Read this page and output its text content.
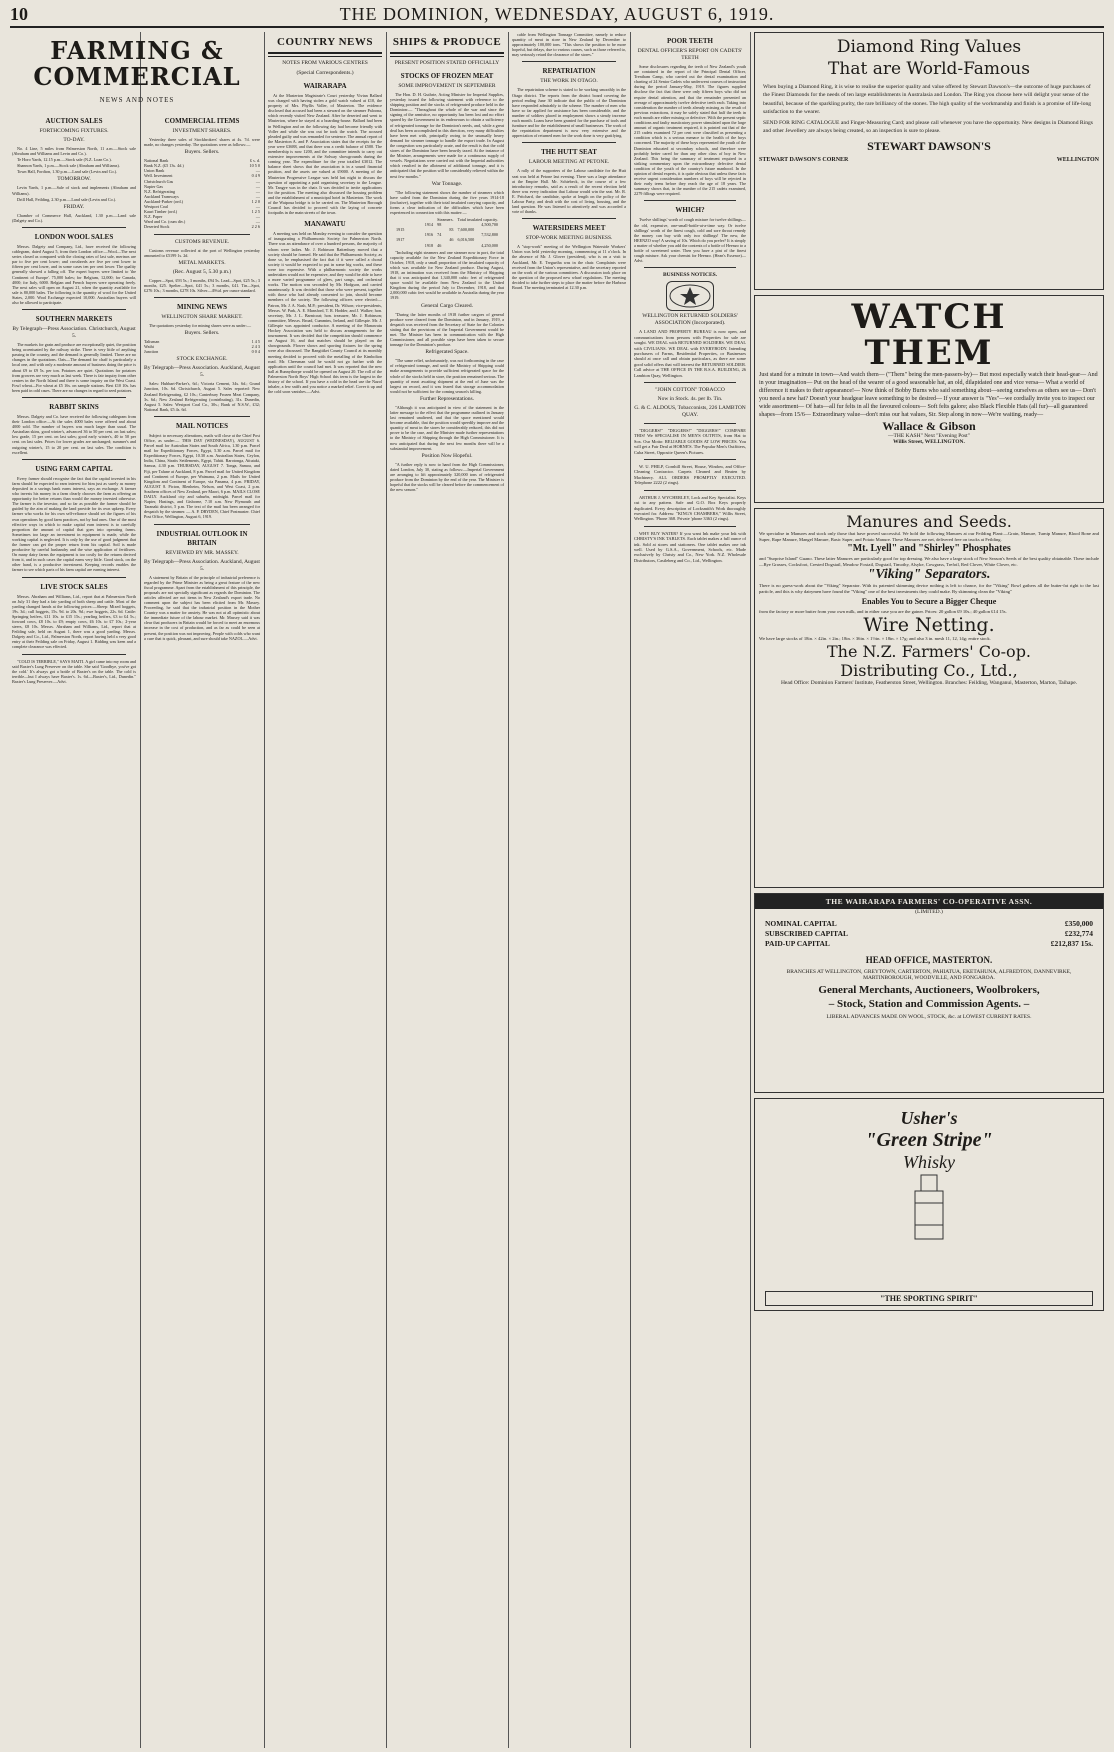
10	THE DOMINION, WEDNESDAY, AUGUST 6, 1919.
FARMING & COMMERCIAL
NEWS AND NOTES
AUCTION SALES
FORTHCOMING FIXTURES.
TO-DAY.

No. 4 Line, 5 miles from Palmerston North, 11 a.m.—Stock sale (Abraham and Williams and Levin and Co.).

Te Horo Yards, 12.15 p.m.—Stock sale (N.Z. Loan Co.).

Shannon Yards, 1 p.m.—Stock sale (Abraham and Williams).

Town Hall, Fordton, 1.30 p.m.—Land sale (Levin and Co.).

TOMORROW.

Levin Yards, 1 p.m.—Sale of stock and implements (Abraham and Williams).

Drill Hall, Feilding, 2.30 p.m.—Land sale (Levin and Co.).

FRIDAY.

Chamber of Commerce Hall, Auckland, 1.30 p.m.—Land sale (Dalgety and Co.).

LONDON WOOL SALES

Messrs. Dalgety and Company, Ltd., have received the following cablegram, dated August 5, from their London office:—Wool—The next series closed as compared with the closing rates of last sale, merinos are par to five per cent lower; and crossbreds are five per cent lower to fifteen per cent lower, and in some cases ten per cent lower. The quality generally showed a falling off. The expert buyers were limited to 'the Continent of Europe'. 75,000 bales; for Belgium, 12,000; for Canada, 4000; for Italy, 6000. Belgian and French buyers were operating freely. The next sales will open on August 21, when the quantity available for sale is 80,000 bales. The following is the quantity of wool for the United States, 2,000. Wool Exchange expected 10,000. Australian buyers will also be allowed to participate.

SOUTHERN MARKETS
By Telegraph—Press Association. Christchurch, August 5.

The markets for grain and produce are exceptionally quiet, the position being accentuated by the railway strike. There is very little of anything passing in the country, and the demand is generally limited. There are no changes in the quotations. Oats—The demand for chaff is particularly a local one, and with only a moderate amount of business doing the price is about £9 to £9 5s. per ton. Potatoes are quiet. Quotations for potatoes from growers are very much as last week. There is fair inquiry from other centres in the North Island and there is some inquiry on the West Coast. Fowl wheat—For wheat at £5 16s. on sample stations. Best £10 10s. has been paid in odd cases. There are no changes in regard to seed potatoes.

RABBIT SKINS

Messrs. Dalgety and Co. have received the following cablegram from their London office:—At the sales 4000 bales were offered and about 4000 sold. The number of buyers was much larger than usual. The Australian skins, good winter's, advanced 36 to 50 per cent. on last sales; low grade, 15 per cent. on last sales; good early winter's, 40 to 50 per cent. on last sales. Prices for lower grades are unchanged; summer's and outgoing winter's, 15 to 20 per cent. on last sales. The condition is excellent.

USING FARM CAPITAL

Every farmer should recognise the fact that the capital invested in his farm should be expected to earn interest for him just as surely as money deposited in a savings bank earns interest, says an exchange. A farmer who invests his money in a farm clearly chooses the farm as offering an opportunity for better returns than would the money invested otherwise. The farmer is the investor, and so far as possible the farmer should be guided by the aim of making the land provide for its own upkeep. Every farmer who works for his own self-reliance should set the figures of his own operations by good farm practices, not by bad ones. One of the most effective ways in which to make capital earn interest is to carefully proportion the amount of capital that goes into operating farms. Sometimes too large an investment in equipment is made, while the working capital is neglected. It is only by the use of good judgment that the farmer can get the proper return from his capital. Soil is made productive by careful husbandry and the wise application of fertilisers. On many dairy farms the equipment is too costly for the returns derived from it, and in such cases the capital earns very little. Good stock, on the other hand, is a productive investment. Keeping records enables the farmer to see which parts of his farm capital are earning interest.

LIVE STOCK SALES

Messrs. Abraham and Williams, Ltd., report that at Palmerston North on July 31 they had a fair yarding of both sheep and cattle. Most of the yarding changed hands at the following prices:—Sheep: Mixed hoggets, 19s. 3d.; cull hoggets, 15s. 9d. to 20s. 9d.; ewe hoggets, 22s. 6d. Cattle: Springing heifers, £11 10s. to £15 15s.; yearling heifers, £3 to £4 5s.; forward cows, £8 10s. to £9; empty cows, £6 10s. to £7 10s.; 2-year steers, £8 10s. Messrs. Abraham and Williams, Ltd., report that at Feilding sale, held on August 1, there was a good yarding. Messrs. Dalgety and Co., Ltd., Palmerston North, report having held a very good entry at their Feilding sale on Friday, August 1. Bidding was keen and a complete clearance was effected.

"COLD IS TERRIBLE," SAYS MAITI. A girl came into my room and said Baxter's Lung Preserver on the table. She said 'Goodbye, you've got the cold.' It's always got a bottle of Baxter's on the table. The cold is terrible—but I always have Baxter's. 1s. 6d.—Baxter's, Ltd., Dunedin." Baxter's Lung Preserver.—Advt.

COMMERCIAL ITEMS
INVESTMENT SHARES.

Yesterday three sales of Stockbrokers' shares at 4s. 7d. were made, no changes yesterday. The quotations were as follows:—

Buyers. Sellers.
National Bank	£ s. d.
Bank N.Z. (£5 13s. 4d.)	10 5 0
Union Bank	—
Well. Investment	0 4 9
Christchurch Gas	—
Napier Gas	—
N.Z. Refrigerating	—
Auckland Tramways	—
Auckland-Parker (ord.)	1 2 0
Westport Coal	—
Kauri Timber (ord.)	1 2 5
N.Z. Paper	—
Ward and Co. (cum div.)	—
Deserted Stock	2 2 6
CUSTOMS REVENUE.

Customs revenue collected at the port of Wellington yesterday amounted to £5199 1s. 2d.

METAL MARKETS.
(Rec. August 5, 5.30 p.m.)

Copper—Spot, £93 5s.; 3 months, £94 5s. Lead—Spot, £25 5s.; 3 months, £25. Spelter—Spot, £41 5s.; 3 months, £41. Tin—Spot, £276 10s.; 3 months, £278 10s. Silver—49¼d. per ounce standard.

MINING NEWS
WELLINGTON SHARE MARKET.

The quotations yesterday for mining shares were as under:—

Buyers. Sellers.
Talisman	1 4 5
Waihi	2 4 3
Junction	0 0 4
STOCK EXCHANGE.
By Telegraph—Press Association. Auckland, August 5.

Sales: Hubbart-Parker's, 6d.; Victoria Cement, 34s. 6d.; Grand Junction, 10s. 6d. Christchurch, August 5. Sales reported: New Zealand Refrigerating, £2 10s.; Canterbury Frozen Meat Company, 3s. 6d.; New Zealand Refrigerating (contributing), 31s. Dunedin, August 5. Sales: Westport Coal Co., 30s.; Bank of N.S.W., £32; National Bank, £5 4s. 6d.

MAIL NOTICES

Subject to necessary alterations, mails will close at the Chief Post Office, as under:— THIS DAY (WEDNESDAY), AUGUST 6. Parcel mail for Australian States and South Africa, 1.30 p.m. Parcel mail for Expeditionary Forces, Egypt, 5.30 a.m. Parcel mail for Expeditionary Forces, Egypt, 10.30 a.m. Australian States, Ceylon, India, China, Straits Settlements, Egypt, Tahiti. Rarotonga, Aitutaki, Samoa, 4.30 p.m. THURSDAY, AUGUST 7. Tonga, Samoa, and Fiji, per Talune at Auckland, 8 p.m. Parcel mail for United Kingdom and Continent of Europe, per Waimana, 2 p.m. Mails for United Kingdom and Continent of Europe, via Panama, 4 p.m. FRIDAY, AUGUST 8. Picton, Blenheim, Nelson, and West Coast, 2 p.m. Southern offices of New Zealand, per Maori, 6 p.m. MAILS CLOSE DAILY. Auckland city and suburbs, midnight. Parcel mail for Napier, Hastings, and Gisborne, 7.10 a.m. New Plymouth and Taranaki district, 5 p.m. The text of the mail has been arranged for despatch by the steamer. — A. P. DRYDEN, Chief Postmaster. Chief Post Office, Wellington, August 6, 1919.

INDUSTRIAL OUTLOOK IN BRITAIN
REVIEWED BY MR. MASSEY.
By Telegraph—Press Association. Auckland, August 5.

A statement by Britain of the principle of industrial preference is regarded by the Prime Minister as being a great feature of the new fiscal programme. Apart from the establishment of this principle, the proposals are not specially significant as regards the Dominion. The articles affected are not items in New Zealand's export trade. No comment upon the subject has been elicited from Mr. Massey. Proceeding, he said that the industrial position in the Mother Country was a matter for anxiety. He was not at all optimistic about the immediate future of the labour market. Mr. Massey said it was clear that producers in Britain would be forced to meet an enormous increase in the cost of production, and as far as could be seen at present, the position was not improving. People with colds who want a cure that is quick, pleasant, and sure should take NAZOL.—Advt.

COUNTRY NEWS
NOTES FROM VARIOUS CENTRES
(Special Correspondents.)
WAIRARAPA

At the Masterton Magistrate's Court yesterday Vivian Ballard was charged with having stolen a gold watch valued at £10, the property of Mrs. Phyllis Voller, of Masterton. The evidence disclosed that accused had been a steward on the steamer Paloona, which recently visited New Zealand. After he deserted and went to Masterton, where he stayed at a boarding-house. Ballard had been in Wellington and on the following day had become friendly with Voller and while she was out he took the watch. The accused pleaded guilty and was remanded for sentence. The annual report of the Masterton A. and P. Association states that the receipts for the year were £3688, and that there was a credit balance of £500. The membership is now 1200, and the committee intends to carry out extensive improvements at the Solway showgrounds during the coming year. The expenditure for the year totalled £3012. The balance sheet shows that the association is in a sound financial position, and the assets are valued at £9000. A meeting of the Masterton Progressive League was held last night to discuss the question of appointing a paid organising secretary to the League. Mr. Tangye was in the chair. It was decided to invite applications for the position. The meeting also discussed the housing problem and the establishment of a municipal hotel in Masterton. The work of the Waipoua bridge is to be carried on. The Masterton Borough Council has decided to proceed with the laying of concrete footpaths in the main streets of the town.

MANAWATU

A meeting was held on Monday evening to consider the question of inaugurating a Philharmonic Society for Palmerston North. There was an attendance of over a hundred persons, the majority of whom were ladies. Mr. J. Robinson Rattenbury moved that a society should be formed. He said that the Philharmonic Society, as done so, he emphasised the fact that if it were called a choral society it would be expected to put in some big works, and these were too expensive. With a philharmonic society the works undertaken would not be expensive, and they would be able to have a more varied programme of glees, part songs, and orchestral works. The motion was seconded by Mr. Hodgson, and carried unanimously. It was decided that those who were present, together with those who had already consented to join, should become members of the society. The following officers were elected:—Patron, Mr. J. A. Nash, M.P.; president, Dr. Wilson; vice-presidents, Messrs. W. Park, A. E. Mansford, T. R. Hodder, and J. Walker; hon. secretary, Mr. J. L. Barnicoat; hon. treasurer, Mr. J. Robinson; committee, Messrs. Broad, Cummins, Ireland, and Gillespie. Mr. J. Gillespie was appointed conductor. A meeting of the Manawatu Hockey Association was held to discuss arrangements for the tournament. It was decided that the competition should commence on August 16, and that matches should be played on the showgrounds. Flower shows and sporting fixtures for the spring were also discussed. The Rangitikei County Council at its monthly meeting decided to proceed with the metalling of the Kimbolton road. Mr. Cheesman said he would not go further with the application until the council had met. It was reported that the new hall at Bunnythorpe would be opened on August 20. The roll of the Palmerston North Boys' High School this term is the largest in the history of the school. If you have a cold in the head use the Nazol inhaler, a few sniffs and you notice a marked relief. Cover it up and the cold soon vanishes.—Advt.

SHIPS & PRODUCE
PRESENT POSITION STATED OFFICIALLY
STOCKS OF FROZEN MEAT
SOME IMPROVEMENT IN SEPTEMBER

The Hon. D. H. Guthrie, Acting Minister for Imperial Supplies, yesterday issued the following statement with reference to the shipping position and the stocks of refrigerated produce held in the Dominion:— "Throughout the whole of the war and since the signing of the armistice, no opportunity has been lost and no effort spared by the Government in its endeavours to obtain a sufficiency of refrigerated tonnage for the Dominion's needs, and, while a great deal has been accomplished in this direction, very many difficulties have been met with, principally owing to the unusually heavy demand for steamer tonnage to handle the export trade. In August the congestion was particularly acute, and the result is that the cold stores of the Dominion have been heavily taxed. At the instance of the Minister, arrangements were made for a continuous supply of vessels. Negotiations were carried out with the Imperial authorities which resulted in the allotment of additional tonnage, and it is anticipated that the position will be considerably relieved within the next few months."

War Tonnage.

"The following statement shows the number of steamers which have sailed from the Dominion during the five years 1914-18 (inclusive), together with their total insulated carrying capacity, and forms a clear indication of the difficulties which have been experienced in connection with this matter:—

Steamers. Total insulated capacity.
1914 98	4,500,700
1915	83 7,600,000
1916 74	7,532,800
1917	46 6,016,500
1918 46	4,250,000

"Including eight steamers and one steamer now in port, the total capacity available for the New Zealand Expeditionary Force in October, 1918, only a small proportion of the insulated capacity of which was available for New Zealand produce. During August, 1918, an intimation was received from the Ministry of Shipping that it was anticipated that 1,340,000 cubic feet of refrigerated space would be available from New Zealand to the United Kingdom during the period July to December, 1918, and that 2,000,000 cubic feet would be available in Australia during the year 1919.

General Cargo Cleared.

"During the latter months of 1918 further cargoes of general produce were cleared from the Dominion, and in January, 1919, a despatch was received from the Secretary of State for the Colonies stating that the provisions of the Imperial Government would be met. The Minister has been in communication with the High Commissioner, and all possible steps have been taken to secure tonnage for the Dominion's produce.

Refrigerated Space.

"The same relief, unfortunately, was not forthcoming in the case of refrigerated tonnage, and until the Ministry of Shipping could make arrangements to provide sufficient refrigerated space for the whole of the stocks held in store, the position remained serious. The quantity of meat awaiting shipment at the end of June was the largest on record, and it was feared that storage accommodation would not be sufficient for the coming season's killing.

Further Representations.

"Although it was anticipated in view of the statement in the latter message to the effect that the programme outlined in January last remained unaltered, and that the space mentioned would become available, that the position would speedily improve and the quantity of meat in the stores be considerably reduced, this did not prove to be the case, and the Minister made further representations to the Ministry of Shipping through the High Commissioner. It is now anticipated that during the next few months there will be a substantial improvement.

Position Now Hopeful.

"A further reply is now to hand from the High Commissioner, dated London, July 30, stating as follows:—Imperial Government are arranging to lift approximately 320,000 tons of refrigerated produce from the Dominion by the end of the year. The Minister is hopeful that the stocks will be cleared before the commencement of the new season."

cable from Wellington Tonnage Committee, namely to reduce quantity of meat in store in New Zealand by December to approximately 100,000 tons. "This shows the position to be more hopeful, but delays, due to various causes, such as those referred to, may seriously retard the clearance of the stores."

REPATRIATION
THE WORK IN OTAGO.

The repatriation scheme is stated to be working smoothly in the Otago district. The reports from the district board covering the period ending June 30 indicate that the public of the Dominion have responded admirably to the scheme. The number of men who have so far applied for assistance has been considerable, and the number of soldiers placed in employment shows a steady increase each month. Loans have been granted for the purchase of tools and furniture and for the establishment of small businesses. The work of the repatriation department is now very extensive and the appreciation of returned men for the work done is very gratifying.

THE HUTT SEAT
LABOUR MEETING AT PETONE.

A rally of the supporters of the Labour candidate for the Hutt seat was held at Petone last evening. There was a large attendance at the Empire Hall. Mr. Schiebeck, in the course of a few introductory remarks, said as a result of the recent election held there was every indication that Labour would win the seat. Mr. R. E. Pritchard, the candidate, spoke at length on the policy of the Labour Party, and dealt with the cost of living, housing, and the land question. He was listened to attentively and was accorded a vote of thanks.

WATERSIDERS MEET
STOP-WORK MEETING BUSINESS.

A "stop-work" meeting of the Wellington Waterside Workers' Union was held yesterday morning, commencing at 11 o'clock. In the absence of Mr. J. Glover (president), who is on a visit to Auckland, Mr. E. Tregurtha was in the chair. Complaints were received from the Union's representative, and the secretary reported on the work of the various committees. A discussion took place on the question of the proposed new wharf regulations. The meeting decided to take further steps to place the matter before the Harbour Board. The meeting terminated at 12.30 p.m.

POOR TEETH
DENTAL OFFICER'S REPORT ON CADETS' TEETH

Some disclosures regarding the teeth of New Zealand's youth are contained in the report of the Principal Dental Officer, Trentham Camp, who carried out the dental examination and charting of 24 Senior Cadets who underwent courses of instruction during the period January-May, 1919. The figures supplied disclose the fact that there were only fifteen boys who did not require dental attention, and that the remainder presented an average of approximately twelve defective teeth each. Taking into consideration the number of teeth already missing as the result of previous extractions, it may be safely stated that half the teeth in each mouth are either missing or defective. With the present septic conditions and faulty masticatory power stimulated upon the large amount of organic treatment required, it is pointed out that of the 215 cadets examined 72 per cent were classified as presenting a condition which is a serious menace to the health of the boys concerned. The majority of these boys represented the youth of the Dominion educated at secondary schools, and therefore were probably better cared for than any other class of boy in New Zealand. This being the summary of treatment required in a striking commentary upon the extraordinary defective dental condition of the youth of the country's future manhood. In the opinion of dental experts, it is quite obvious that unless these facts receive urgent consideration numbers of boys will be rejected in their early teens before they reach the age of 18 years. The summary shows that, in the number of the 215 cadets examined, 2279 fillings were required.

WHICH?

Twelve shillings' worth of cough mixture for twelve shillings—the old, expensive, one-small-bottle-at-a-time way. Or twelve shillings' worth of the finest cough, cold and sore throat remedy the money can buy with only two shillings! The new, the HEENZO way! A saving of 10s. Which do you prefer? It is simply a matter of whether you add the contents of a bottle of Heenzo to a bottle of sweetened water. Then you have a pint of the finest cough mixture. Ask your chemist for Heenzo. (Hean's Essence)—Advt.

BUSINESS NOTICES.
WELLINGTON RETURNED SOLDIERS' ASSOCIATION (Incorporated).

A LAND AND PROPERTY BUREAU is now open, and communications from persons with Properties for sale are sought. WE DEAL with RETURNED SOLDIERS. WE DEAL with CIVILIANS. WE DEAL with EVERYBODY. Intending purchasers of Farms, Residential Properties, or Businesses should at once call and obtain particulars, as there are some good solid offers that will interest the RETURNED SOLDIER. Call advice at THE OFFICE IN THE R.S.A. BUILDING, 26 Lambton Quay, Wellington.

"JOHN COTTON" TOBACCO
Now in Stock. 4s. per lb. Tin.
G. & C. ALDOUS, Tobacconists, 226 LAMBTON QUAY.

"DIGGERS!" "DIGGERS!" "DIGGERS!" COMPARE THIS! We SPECIALISE IN MEN'S OUTFITS, from Hat to Sox. Our Motto: RELIABLE GOODS AT LOW PRICES. You will get a Fair Deal at HORNE'S. The Popular Men's Outfitters, Cuba Street, Opposite Queen's Pictures.

W. U. PHILP, Cornhill Street, House, Window, and Office-Cleaning Contractor. Carpets Cleaned and Beaten by Machinery. ALL ORDERS PROMPTLY EXECUTED. Telephone 2222 (2 rings).

ARTHUR J. WYCHERLEY, Lock and Key Specialist. Keys cut to any pattern. Safe and G.O. Box Keys properly duplicated. Every description of Locksmith's Work thoroughly executed for. Address: "KING'S CHAMBERS," Willis Street, Wellington. 'Phone 368. Private 'phone 3363 (2 rings).

WHY BUY WATER? If you want Ink make your Ink with CHRISTY'S INK TABLETS. Each tablet makes a full ounce of ink. Sold at stores and stationers. One tablet makes one ink well. Used by G.S.A., Government, Schools, etc. Made exclusively by Christy and Co., New York. N.Z. Wholesale Distributors, Castleberg and Co., Ltd., Wellington.

Diamond Ring Values
That are World-Famous
When buying a Diamond Ring, it is wise to realise the superior quality and value offered by Stewart Dawson's—the outcome of huge purchases of the Finest Diamonds for the needs of ten large establishments in Australasia and London. The Ring you choose here will delight your sense of the beautiful, because of the sparkling purity, the rare brilliancy of the stones. The high quality of the workmanship and finish is a promise of life-long satisfaction to the wearer.
SEND FOR RING CATALOGUE and Finger-Measuring Card; and please call whenever you have the opportunity. New designs in Diamond Rings and other Jewellery are always being created, so an inspection is sure to please.
STEWART DAWSON'S
STEWART DAWSON'S CORNER	WELLINGTON
WATCH
THEM
Just stand for a minute in town—And watch them— ("Them" being the men-passers-by)— But most especially watch their head-gear— And in your imagination— Put on the head of the wearer of a good seasonable hat, an old, dilapidated one and vice versa— What a world of difference it makes to their appearance!— Now think of Bobby Burns who said something about—seeing ourselves as others see us— Don't you need a new hat? Doesn't your headgear leave something to be desired— If your answer is "Yes"—we cordially invite you to inspect our wide assortment— Of hats—all fur felts in all the favoured colours— Soft felts galore; also Black Flexible Hats (all fur)—all guaranteed shapes—from 15/6— Extraordinary value—don't miss our hat values, Sir. Step along in now—We're waiting, ready—
Wallace & Gibson
—THE KASH" Next "Evening Post"
Willis Street, WELLINGTON.
Manures and Seeds.
We specialise in Manures and stock only those that have proved successful. We hold the following Manures at our Feilding Plant:—Grain, Manure, Turnip Manure, Blood Bone and Super, Rape Manure, Mangel Manure, Basic Super, and Potato Manure. These Manures are net, delivered free on trucks at Feilding.
"Mt. Lyell" and "Shirley" Phosphates
and "Surprise Island" Guano. These latter Manures are particularly good for top dressing. We also have a large stock of New Season's Seeds of the best quality obtainable. These include—Rye Grasses, Cocksfoot, Crested Dogstail, Meadow Foxtail, Dogstail, Timothy, Alsyke, Cowgrass, Trefoil, Red Clover, White Clover, etc.
"Viking" Separators.
There is no guess-work about the "Viking" Separator. With its patented skimming device nothing is left to chance, for the "Viking" Bowl gathers all the butter-fat right to the last particle, and this is why dairymen have found the "Viking" one of the best investments they could make. By skimming clean the "Viking"
Enables You to Secure a Bigger Cheque
from the factory or more butter from your own milk, and in either case you are the gainer. Prices: 20 gallon £9 10s.; 40 gallon £14 15s.
Wire Netting.
We have large stocks of 18in. × 42in. × 2in.; 18in. × 36in. × 1½in. × 18in. × 17g; and also 3 in. mesh 11, 12, 14g; entire stock.
The N.Z. Farmers' Co-op.
Distributing Co., Ltd.,
Head Office: Dominion Farmers' Institute, Featherston Street, Wellington. Branches: Feilding, Wanganui, Masterton, Marton, Taihape.
THE WAIRARAPA FARMERS' CO-OPERATIVE ASSN.
(LIMITED.)
NOMINAL CAPITAL	£350,000
SUBSCRIBED CAPITAL	£232,774
PAID-UP CAPITAL	£212,837 15s.
HEAD OFFICE, MASTERTON.
BRANCHES AT WELLINGTON, GREYTOWN, CARTERTON, PAHIATUA, EKETAHUNA, ALFREDTON, DANNEVIRKE, MARTINBOROUGH, WOODVILLE, AND FONGAROA.
General Merchants, Auctioneers, Woolbrokers,
– Stock, Station and Commission Agents. –
LIBERAL ADVANCES MADE ON WOOL, STOCK, &c. at LOWEST CURRENT RATES.
Usher's
"Green Stripe"
Whisky
"THE SPORTING SPIRIT"
